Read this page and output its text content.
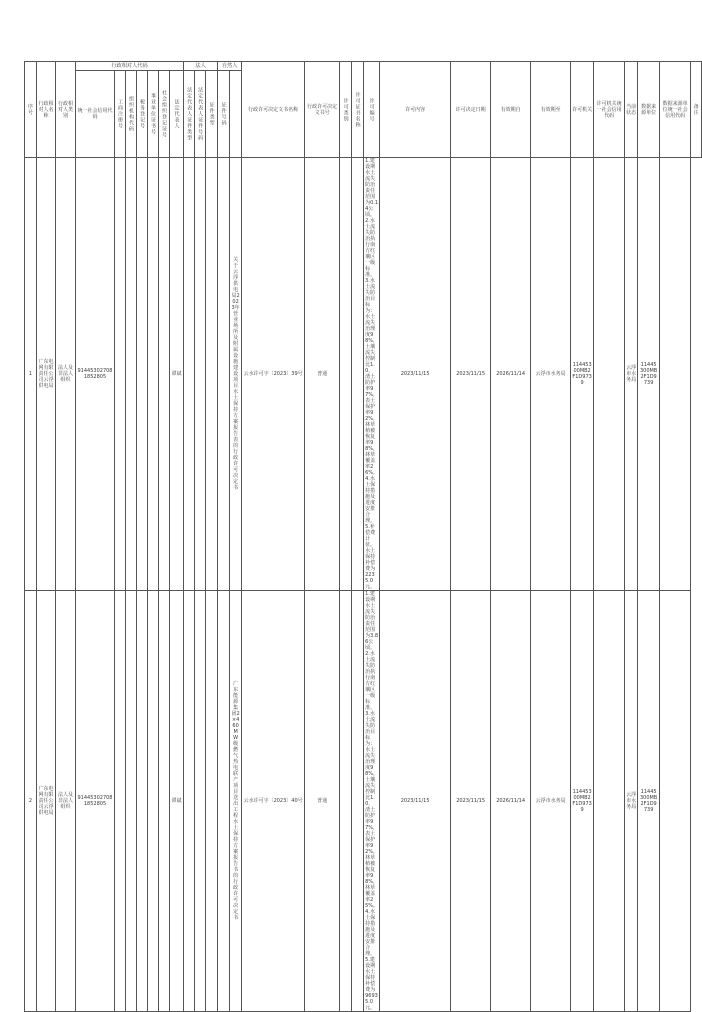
序号	行政相对人名称	行政相对人类别	行政相对人代码							法人			自然人		行政许可决定文书名称	行政许可决定文书号	许可类别	许可证书名称	许可编号	许可内容	许可决定日期	有效期自	有效期至	许可机关	许可机关统一社会信用代码	当前状态	数据来源单位	数据来源单位统一社会信用代码	备注
			统一社会信用代码	工商注册号	组织机构代码	税务登记号	事业单位证书号	社会组织登记证号	法定代表人	法定代表人证件类型	法定代表人证件号码	证件类型	证件号码																
1	广东电网有限责任公司云浮供电局	法人及非法人组织	914453027081852805						谭斌					关于云浮供电局2023年营业场所及附属设施建设项目水土保持方案报告表的行政许可决定书	云水许可字〔2023〕39号	普通			1.建设期水土流失防治责任范围为0.14公顷。
2.水土流失防治执行南方红壤区一级标准。
3.水土流失防治目标为：水土流失治理度98%，土壤流失控制比1.0，渣土防护率97%，表土保护率92%，林草植被恢复率98%，林草覆盖率26%。
4.水土保持措施及进度安排合理。
5.补偿费计征。水土保持补偿费为2235.0元。	2023/11/15	2023/11/15	2026/11/14	云浮市水务局	11445300MB2F1D9739		云浮市水务局	11445300MB2F1D9739		
2	广东电网有限责任公司云浮供电局	法人及非法人组织	914453027081852805						谭斌					广东能源集团2×460MW级燃气热电联产项目送出工程水土保持方案报告书的行政许可决定书	云水许可字〔2023〕40号	普通			1.建设期水土流失防治责任范围为3.86公顷。
2.水土流失防治执行南方红壤区一级标准。
3.水土流失防治目标为：水土流失治理度98%，土壤流失控制比1.0，渣土防护率97%，表土保护率92%，林草植被恢复率98%，林草覆盖率25%。
4.水土保持措施及进度安排合理。
5.建设期水土保持补偿费为96935.0元。	2023/11/15	2023/11/15	2026/11/14	云浮市水务局	11445300MB2F1D9739		云浮市水务局	11445300MB2F1D9739		
